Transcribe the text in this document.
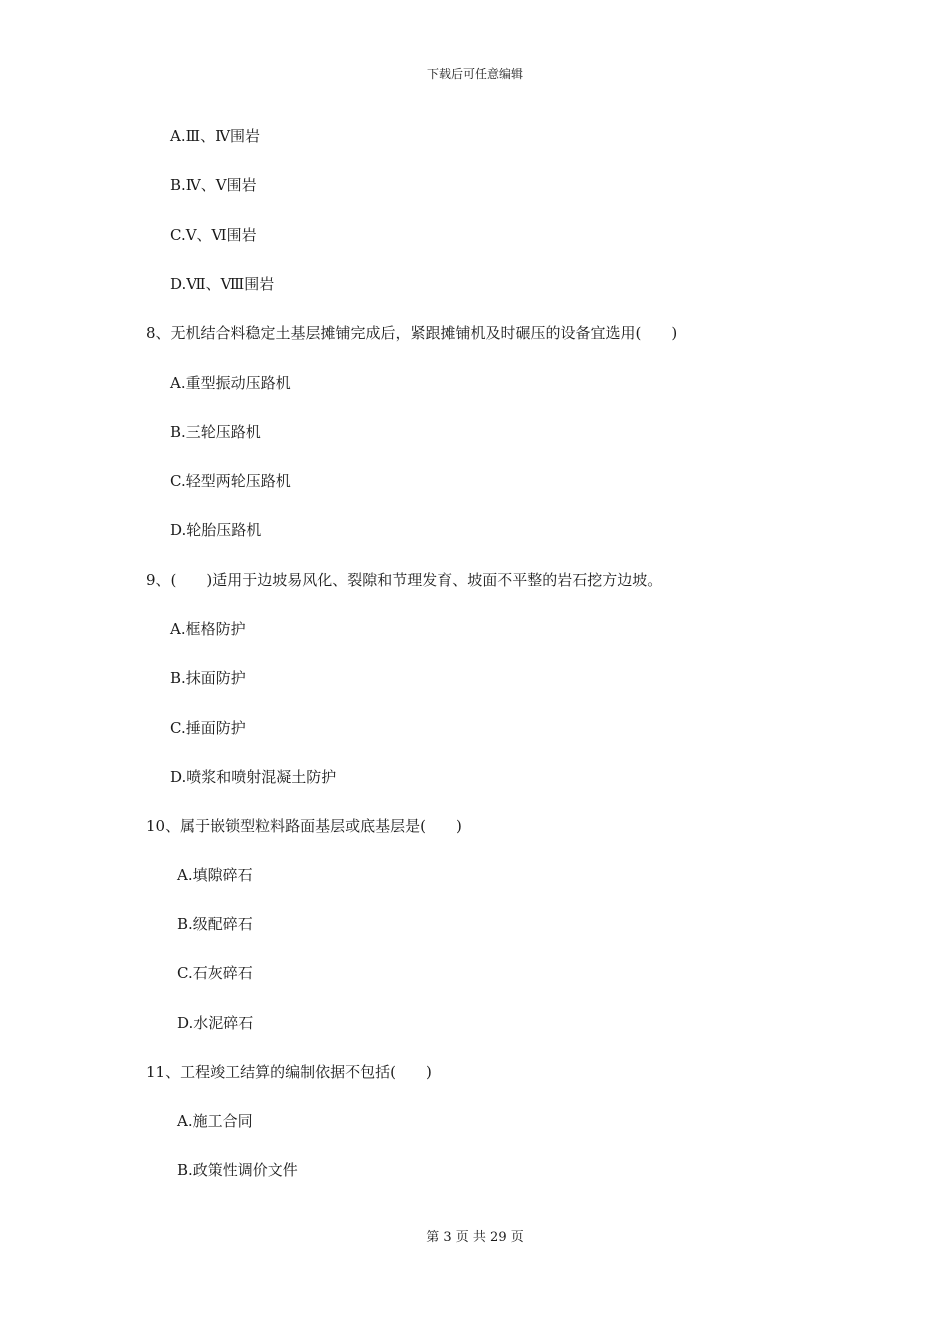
下载后可任意编辑
A.Ⅲ、Ⅳ围岩
B.Ⅳ、Ⅴ围岩
C.Ⅴ、Ⅵ围岩
D.Ⅶ、Ⅷ围岩
8、无机结合料稳定土基层摊铺完成后，紧跟摊铺机及时碾压的设备宜选用(　　)
A.重型振动压路机
B.三轮压路机
C.轻型两轮压路机
D.轮胎压路机
9、(　　)适用于边坡易风化、裂隙和节理发育、坡面不平整的岩石挖方边坡。
A.框格防护
B.抹面防护
C.捶面防护
D.喷浆和喷射混凝土防护
10、属于嵌锁型粒料路面基层或底基层是(　　)
A.填隙碎石
B.级配碎石
C.石灰碎石
D.水泥碎石
11、工程竣工结算的编制依据不包括(　　)
A.施工合同
B.政策性调价文件
第 3 页 共 29 页
